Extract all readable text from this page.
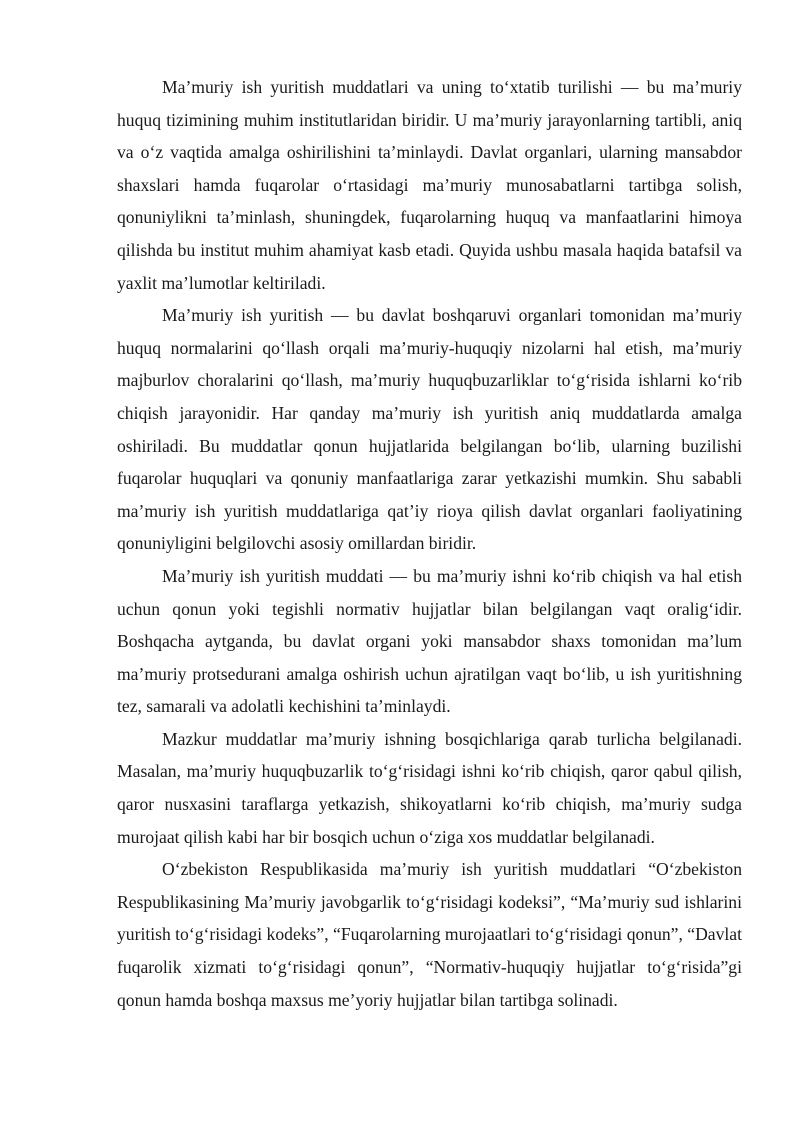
Ma’muriy ish yuritish muddatlari va uning to‘xtatib turilishi — bu ma’muriy huquq tizimining muhim institutlaridan biridir. U ma’muriy jarayonlarning tartibli, aniq va o‘z vaqtida amalga oshirilishini ta’minlaydi. Davlat organlari, ularning mansabdor shaxslari hamda fuqarolar o‘rtasidagi ma’muriy munosabatlarni tartibga solish, qonuniylikni ta’minlash, shuningdek, fuqarolarning huquq va manfaatlarini himoya qilishda bu institut muhim ahamiyat kasb etadi. Quyida ushbu masala haqida batafsil va yaxlit ma’lumotlar keltiriladi.

Ma’muriy ish yuritish — bu davlat boshqaruvi organlari tomonidan ma’muriy huquq normalarini qo‘llash orqali ma’muriy-huquqiy nizolarni hal etish, ma’muriy majburlov choralarini qo‘llash, ma’muriy huquqbuzarliklar to‘g‘risida ishlarni ko‘rib chiqish jarayonidir. Har qanday ma’muriy ish yuritish aniq muddatlarda amalga oshiriladi. Bu muddatlar qonun hujjatlarida belgilangan bo‘lib, ularning buzilishi fuqarolar huquqlari va qonuniy manfaatlariga zarar yetkazishi mumkin. Shu sababli ma’muriy ish yuritish muddatlariga qat’iy rioya qilish davlat organlari faoliyatining qonuniyligini belgilovchi asosiy omillardan biridir.

Ma’muriy ish yuritish muddati — bu ma’muriy ishni ko‘rib chiqish va hal etish uchun qonun yoki tegishli normativ hujjatlar bilan belgilangan vaqt oralig‘idir. Boshqacha aytganda, bu davlat organi yoki mansabdor shaxs tomonidan ma’lum ma’muriy protsedurani amalga oshirish uchun ajratilgan vaqt bo‘lib, u ish yuritishning tez, samarali va adolatli kechishini ta’minlaydi.

Mazkur muddatlar ma’muriy ishning bosqichlariga qarab turlicha belgilanadi. Masalan, ma’muriy huquqbuzarlik to‘g‘risidagi ishni ko‘rib chiqish, qaror qabul qilish, qaror nusxasini taraflarga yetkazish, shikoyatlarni ko‘rib chiqish, ma’muriy sudga murojaat qilish kabi har bir bosqich uchun o‘ziga xos muddatlar belgilanadi.

O‘zbekiston Respublikasida ma’muriy ish yuritish muddatlari “O‘zbekiston Respublikasining Ma’muriy javobgarlik to‘g‘risidagi kodeksi”, “Ma’muriy sud ishlarini yuritish to‘g‘risidagi kodeks”, “Fuqarolarning murojaatlari to‘g‘risidagi qonun”, “Davlat fuqarolik xizmati to‘g‘risidagi qonun”, “Normativ-huquqiy hujjatlar to‘g‘risida”gi qonun hamda boshqa maxsus me’yoriy hujjatlar bilan tartibga solinadi.
